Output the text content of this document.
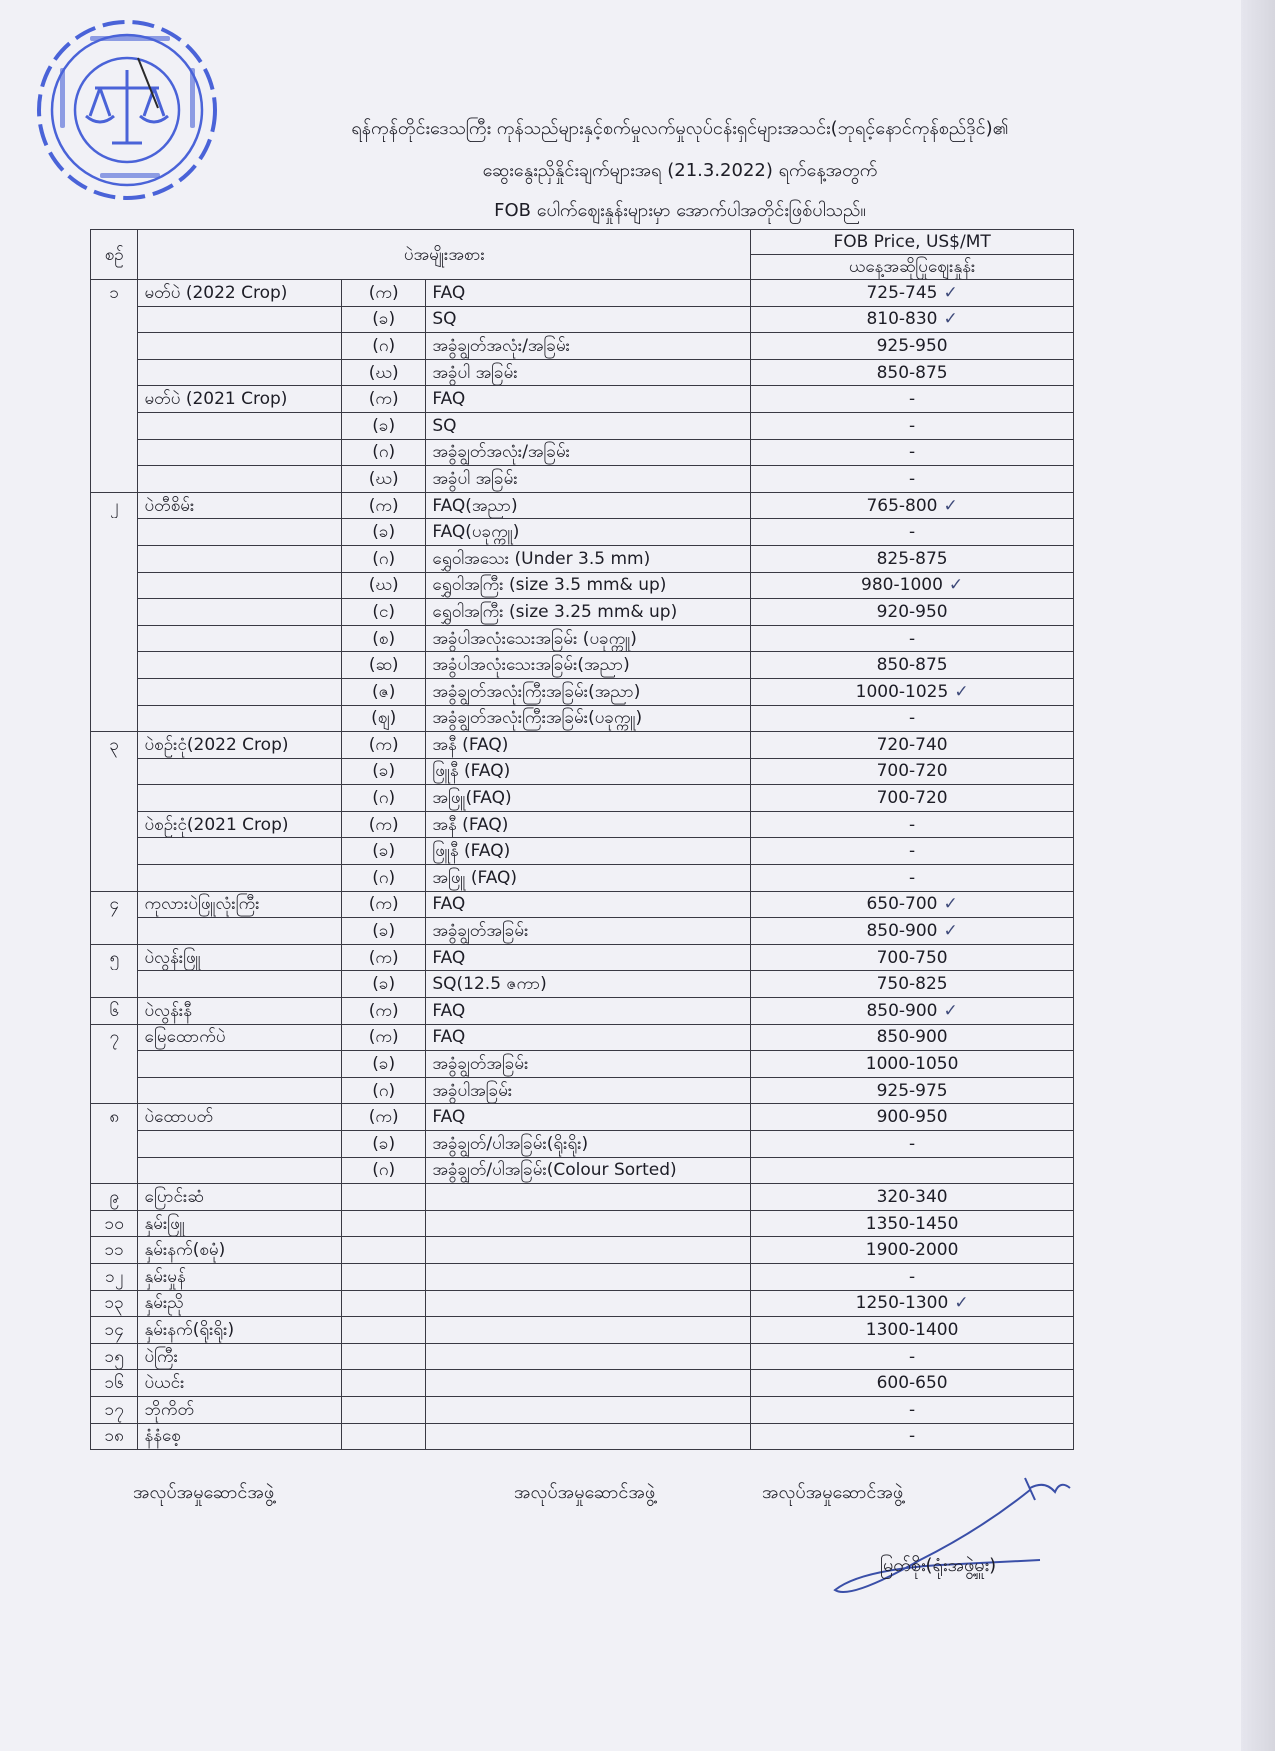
ရန်ကုန်တိုင်းဒေသကြီး ကုန်သည်များနှင့်စက်မှုလက်မှုလုပ်ငန်းရှင်များအသင်း(ဘုရင့်နောင်ကုန်စည်ဒိုင်)၏
ဆွေးနွေးညှိနှိုင်းချက်များအရ (21.3.2022) ရက်နေ့အတွက်
FOB ပေါက်ဈေးနှုန်းများမှာ အောက်ပါအတိုင်းဖြစ်ပါသည်။
စဉ်	ပဲအမျိုးအစား			FOB Price, US$/MT
				ယနေ့အဆိုပြုဈေးနှုန်း
၁	မတ်ပဲ (2022 Crop)	(က)	FAQ	725-745 ✓
		(ခ)	SQ	810-830 ✓
		(ဂ)	အခွံချွတ်အလုံး/အခြမ်း	925-950
		(ဃ)	အခွံပါ အခြမ်း	850-875
	မတ်ပဲ (2021 Crop)	(က)	FAQ	-
		(ခ)	SQ	-
		(ဂ)	အခွံချွတ်အလုံး/အခြမ်း	-
		(ဃ)	အခွံပါ အခြမ်း	-
၂	ပဲတီစိမ်း	(က)	FAQ(အညာ)	765-800 ✓
		(ခ)	FAQ(ပခုက္ကူ)	-
		(ဂ)	ရွှေဝါအသေး (Under 3.5 mm)	825-875
		(ဃ)	ရွှေဝါအကြီး (size 3.5 mm& up)	980-1000 ✓
		(င)	ရွှေဝါအကြီး (size 3.25 mm& up)	920-950
		(စ)	အခွံပါအလုံးသေးအခြမ်း (ပခုက္ကူ)	-
		(ဆ)	အခွံပါအလုံးသေးအခြမ်း(အညာ)	850-875
		(ဇ)	အခွံချွတ်အလုံးကြီးအခြမ်း(အညာ)	1000-1025 ✓
		(ဈ)	အခွံချွတ်အလုံးကြီးအခြမ်း(ပခုက္ကူ)	-
၃	ပဲစဉ်းငုံ(2022 Crop)	(က)	အနီ (FAQ)	720-740
		(ခ)	ဖြူနီ (FAQ)	700-720
		(ဂ)	အဖြူ(FAQ)	700-720
	ပဲစဉ်းငုံ(2021 Crop)	(က)	အနီ (FAQ)	-
		(ခ)	ဖြူနီ (FAQ)	-
		(ဂ)	အဖြူ (FAQ)	-
၄	ကုလားပဲဖြူလုံးကြီး	(က)	FAQ	650-700 ✓
		(ခ)	အခွံချွတ်အခြမ်း	850-900 ✓
၅	ပဲလွန်းဖြူ	(က)	FAQ	700-750
		(ခ)	SQ(12.5 ဇကာ)	750-825
၆	ပဲလွန်းနီ	(က)	FAQ	850-900 ✓
၇	မြေထောက်ပဲ	(က)	FAQ	850-900
		(ခ)	အခွံချွတ်အခြမ်း	1000-1050
		(ဂ)	အခွံပါအခြမ်း	925-975
၈	ပဲထောပတ်	(က)	FAQ	900-950
		(ခ)	အခွံချွတ်/ပါအခြမ်း(ရိုးရိုး)	-
		(ဂ)	အခွံချွတ်/ပါအခြမ်း(Colour Sorted)	
၉	ပြောင်းဆံ			320-340
၁၀	နှမ်းဖြူ			1350-1450
၁၁	နှမ်းနက်(စမုံ)			1900-2000
၁၂	နှမ်းမှုန်			-
၁၃	နှမ်းညို			1250-1300 ✓
၁၄	နှမ်းနက်(ရိုးရိုး)			1300-1400
၁၅	ပဲကြီး			-
၁၆	ပဲယင်း			600-650
၁၇	ဘိုကိတ်			-
၁၈	နံနံစေ့			-
အလုပ်အမှုဆောင်အဖွဲ့	အလုပ်အမှုဆောင်အဖွဲ့	အလုပ်အမှုဆောင်အဖွဲ့
မြတ်စိုး(ရုံးအဖွဲ့မှူး)
